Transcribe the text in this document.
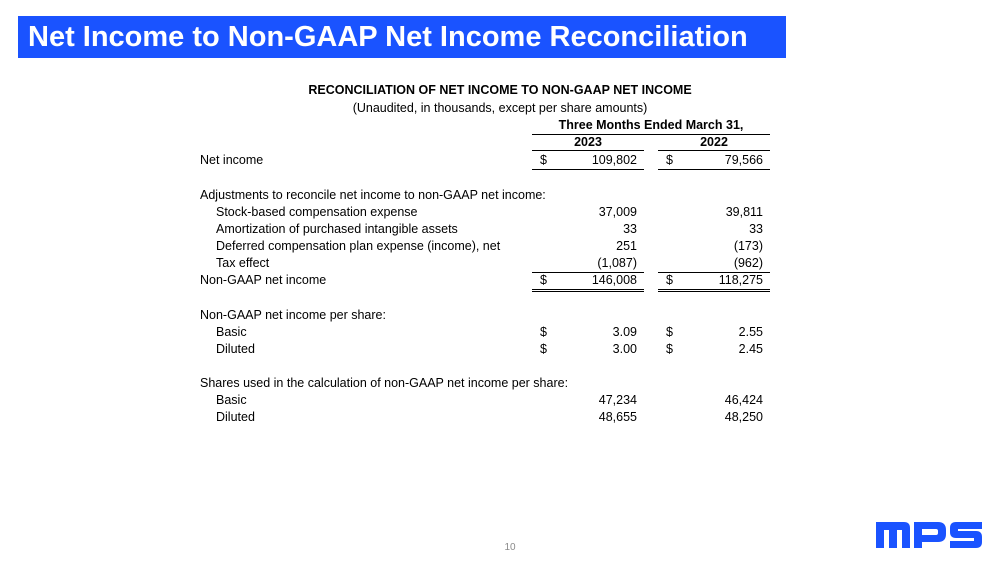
Net Income to Non-GAAP Net Income Reconciliation
RECONCILIATION OF NET INCOME TO NON-GAAP NET INCOME
(Unaudited, in thousands, except per share amounts)
Three Months Ended March 31,
2023	2022
Net income	$	109,802 $	79,566
Adjustments to reconcile net income to non-GAAP net income:
Stock-based compensation expense	37,009	39,811
Amortization of purchased intangible assets	33	33
Deferred compensation plan expense (income), net	251	(173)
Tax effect	(1,087)	(962)
Non-GAAP net income	$	146,008 $	118,275
Non-GAAP net income per share:
Basic	$	3.09 $	2.55
Diluted	$	3.00 $	2.45
Shares used in the calculation of non-GAAP net income per share:
Basic	47,234	46,424
Diluted	48,655	48,250
10
